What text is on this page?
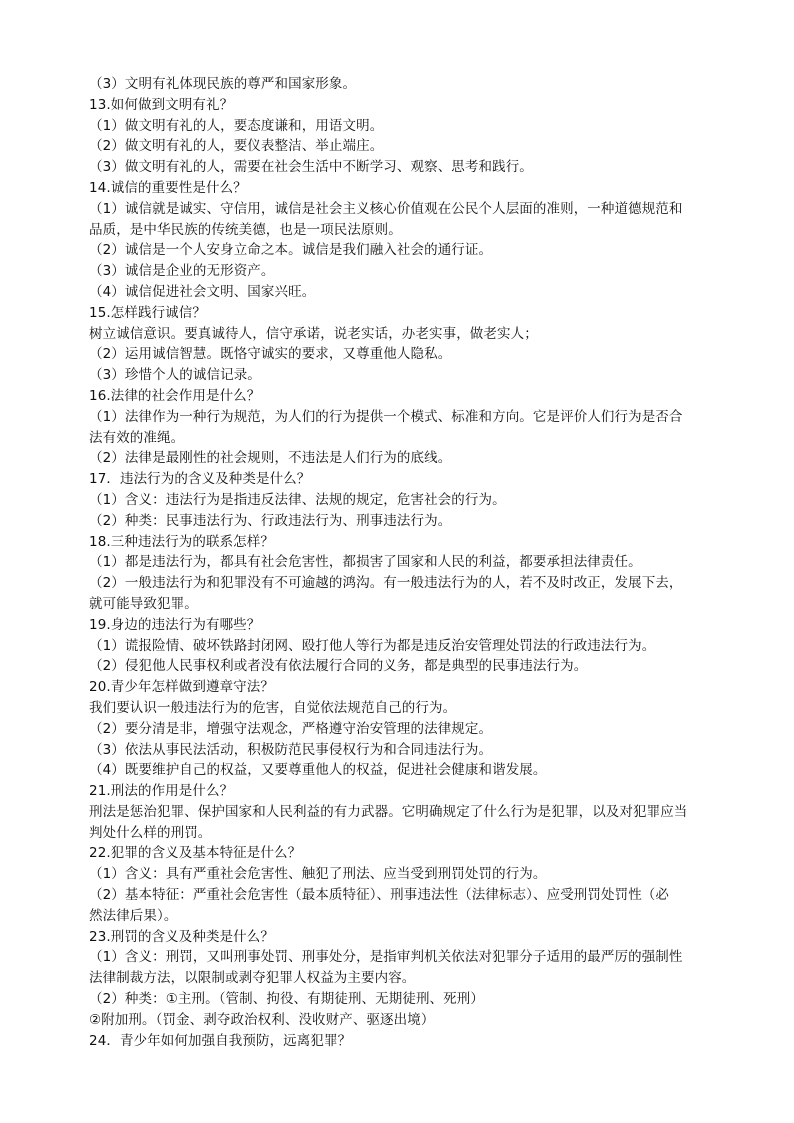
（3）文明有礼体现民族的尊严和国家形象。
13.如何做到文明有礼？
（1）做文明有礼的人，要态度谦和，用语文明。
（2）做文明有礼的人，要仪表整洁、举止端庄。
（3）做文明有礼的人，需要在社会生活中不断学习、观察、思考和践行。
14.诚信的重要性是什么？
（1）诚信就是诚实、守信用，诚信是社会主义核心价值观在公民个人层面的准则，一种道德规范和
品质，是中华民族的传统美德，也是一项民法原则。
（2）诚信是一个人安身立命之本。诚信是我们融入社会的通行证。
（3）诚信是企业的无形资产。
（4）诚信促进社会文明、国家兴旺。
15.怎样践行诚信？
树立诚信意识。要真诚待人，信守承诺，说老实话，办老实事，做老实人；
（2）运用诚信智慧。既恪守诚实的要求，又尊重他人隐私。
（3）珍惜个人的诚信记录。
16.法律的社会作用是什么？
（1）法律作为一种行为规范，为人们的行为提供一个模式、标准和方向。它是评价人们行为是否合
法有效的准绳。
（2）法律是最刚性的社会规则，不违法是人们行为的底线。
17．违法行为的含义及种类是什么？
（1）含义：违法行为是指违反法律、法规的规定，危害社会的行为。
（2）种类：民事违法行为、行政违法行为、刑事违法行为。
18.三种违法行为的联系怎样？
（1）都是违法行为，都具有社会危害性，都损害了国家和人民的利益，都要承担法律责任。
（2）一般违法行为和犯罪没有不可逾越的鸿沟。有一般违法行为的人，若不及时改正，发展下去，
就可能导致犯罪。
19.身边的违法行为有哪些？
（1）谎报险情、破坏铁路封闭网、殴打他人等行为都是违反治安管理处罚法的行政违法行为。
（2）侵犯他人民事权利或者没有依法履行合同的义务，都是典型的民事违法行为。
20.青少年怎样做到遵章守法？
我们要认识一般违法行为的危害，自觉依法规范自己的行为。
（2）要分清是非，增强守法观念，严格遵守治安管理的法律规定。
（3）依法从事民法活动，积极防范民事侵权行为和合同违法行为。
（4）既要维护自己的权益，又要尊重他人的权益，促进社会健康和谐发展。
21.刑法的作用是什么？
刑法是惩治犯罪、保护国家和人民利益的有力武器。它明确规定了什么行为是犯罪，以及对犯罪应当
判处什么样的刑罚。
22.犯罪的含义及基本特征是什么？
（1）含义：具有严重社会危害性、触犯了刑法、应当受到刑罚处罚的行为。
（2）基本特征：严重社会危害性（最本质特征）、刑事违法性（法律标志）、应受刑罚处罚性（必
然法律后果）。
23.刑罚的含义及种类是什么？
（1）含义：刑罚，又叫刑事处罚、刑事处分，是指审判机关依法对犯罪分子适用的最严厉的强制性
法律制裁方法，以限制或剥夺犯罪人权益为主要内容。
（2）种类：①主刑。（管制、拘役、有期徒刑、无期徒刑、死刑）
②附加刑。（罚金、剥夺政治权利、没收财产、驱逐出境）
24．青少年如何加强自我预防，远离犯罪？
